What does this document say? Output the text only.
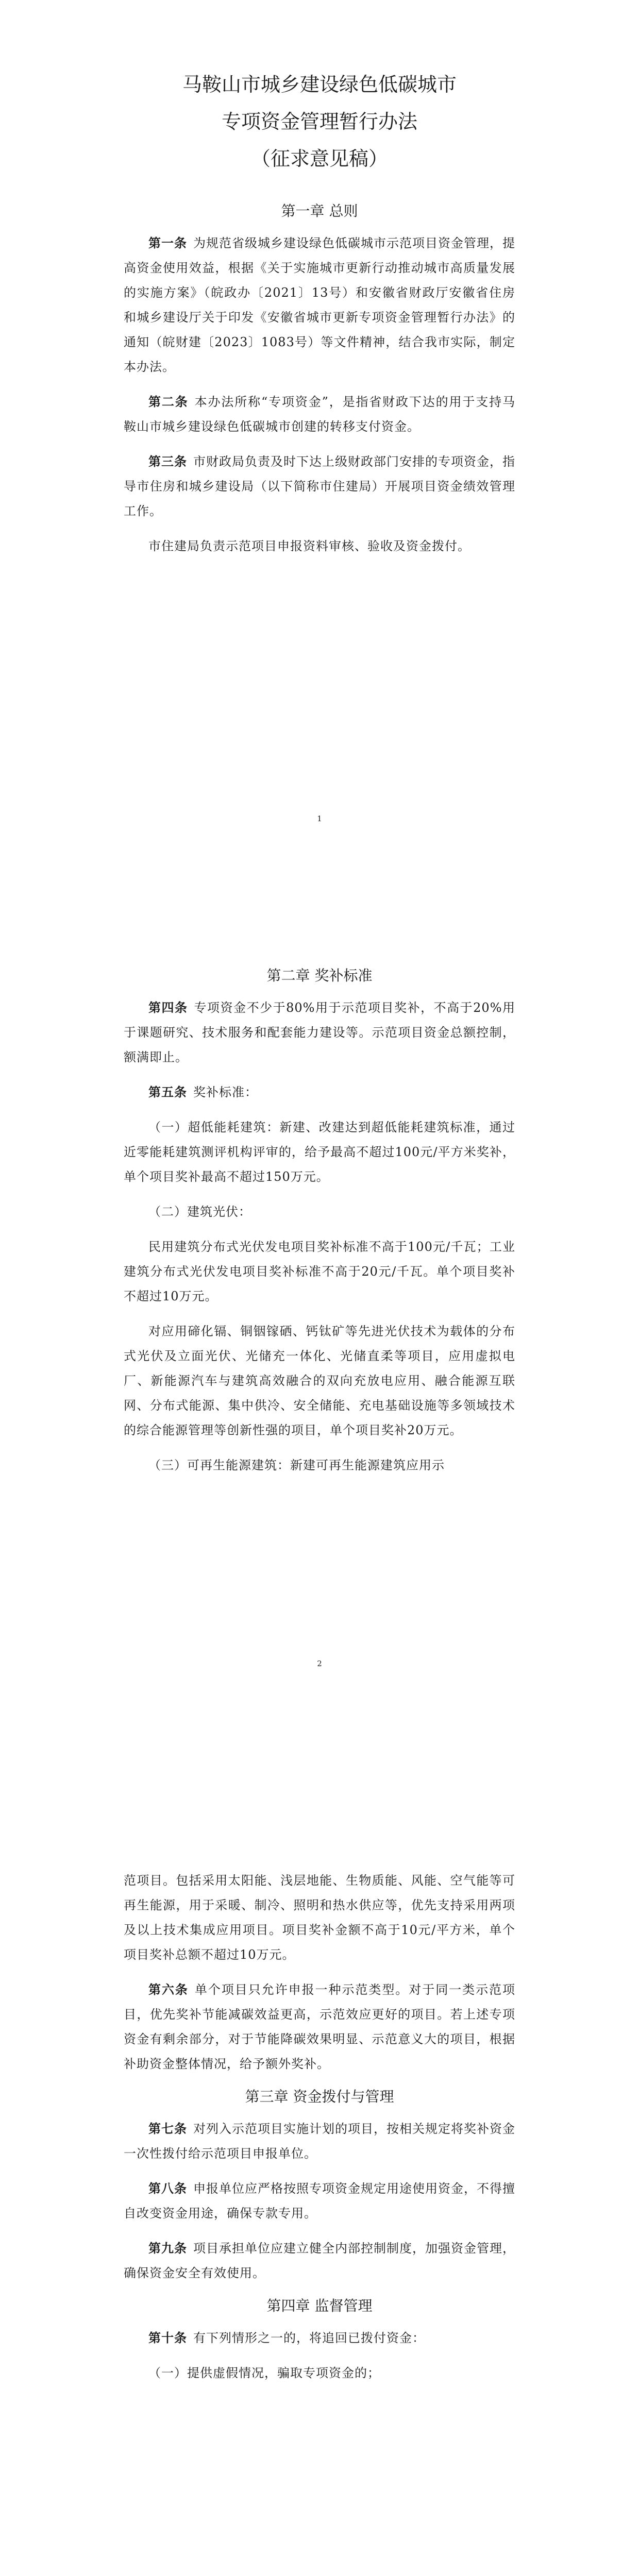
马鞍山市城乡建设绿色低碳城市
专项资金管理暂行办法
（征求意见稿）
第一章 总则

第一条 为规范省级城乡建设绿色低碳城市示范项目资金管理，提高资金使用效益，根据《关于实施城市更新行动推动城市高质量发展的实施方案》（皖政办〔2021〕13号）和安徽省财政厅安徽省住房和城乡建设厅关于印发《安徽省城市更新专项资金管理暂行办法》的通知（皖财建〔2023〕1083号）等文件精神，结合我市实际，制定本办法。

第二条 本办法所称“专项资金”，是指省财政下达的用于支持马鞍山市城乡建设绿色低碳城市创建的转移支付资金。

第三条 市财政局负责及时下达上级财政部门安排的专项资金，指导市住房和城乡建设局（以下简称市住建局）开展项目资金绩效管理工作。

市住建局负责示范项目申报资料审核、验收及资金拨付。

1
第二章 奖补标准

第四条 专项资金不少于80%用于示范项目奖补，不高于20%用于课题研究、技术服务和配套能力建设等。示范项目资金总额控制，额满即止。

第五条 奖补标准：

（一）超低能耗建筑：新建、改建达到超低能耗建筑标准，通过近零能耗建筑测评机构评审的，给予最高不超过100元/平方米奖补，单个项目奖补最高不超过150万元。

（二）建筑光伏：

民用建筑分布式光伏发电项目奖补标准不高于100元/千瓦；工业建筑分布式光伏发电项目奖补标准不高于20元/千瓦。单个项目奖补不超过10万元。

对应用碲化镉、铜铟镓硒、钙钛矿等先进光伏技术为载体的分布式光伏及立面光伏、光储充一体化、光储直柔等项目，应用虚拟电厂、新能源汽车与建筑高效融合的双向充放电应用、融合能源互联网、分布式能源、集中供冷、安全储能、充电基础设施等多领域技术的综合能源管理等创新性强的项目，单个项目奖补20万元。

（三）可再生能源建筑：新建可再生能源建筑应用示

2

范项目。包括采用太阳能、浅层地能、生物质能、风能、空气能等可再生能源，用于采暖、制冷、照明和热水供应等，优先支持采用两项及以上技术集成应用项目。项目奖补金额不高于10元/平方米，单个项目奖补总额不超过10万元。

第六条 单个项目只允许申报一种示范类型。对于同一类示范项目，优先奖补节能减碳效益更高，示范效应更好的项目。若上述专项资金有剩余部分，对于节能降碳效果明显、示范意义大的项目，根据补助资金整体情况，给予额外奖补。

第三章 资金拨付与管理

第七条 对列入示范项目实施计划的项目，按相关规定将奖补资金一次性拨付给示范项目申报单位。

第八条 申报单位应严格按照专项资金规定用途使用资金，不得擅自改变资金用途，确保专款专用。

第九条 项目承担单位应建立健全内部控制制度，加强资金管理，确保资金安全有效使用。

第四章 监督管理

第十条 有下列情形之一的，将追回已拨付资金：

（一）提供虚假情况，骗取专项资金的；
